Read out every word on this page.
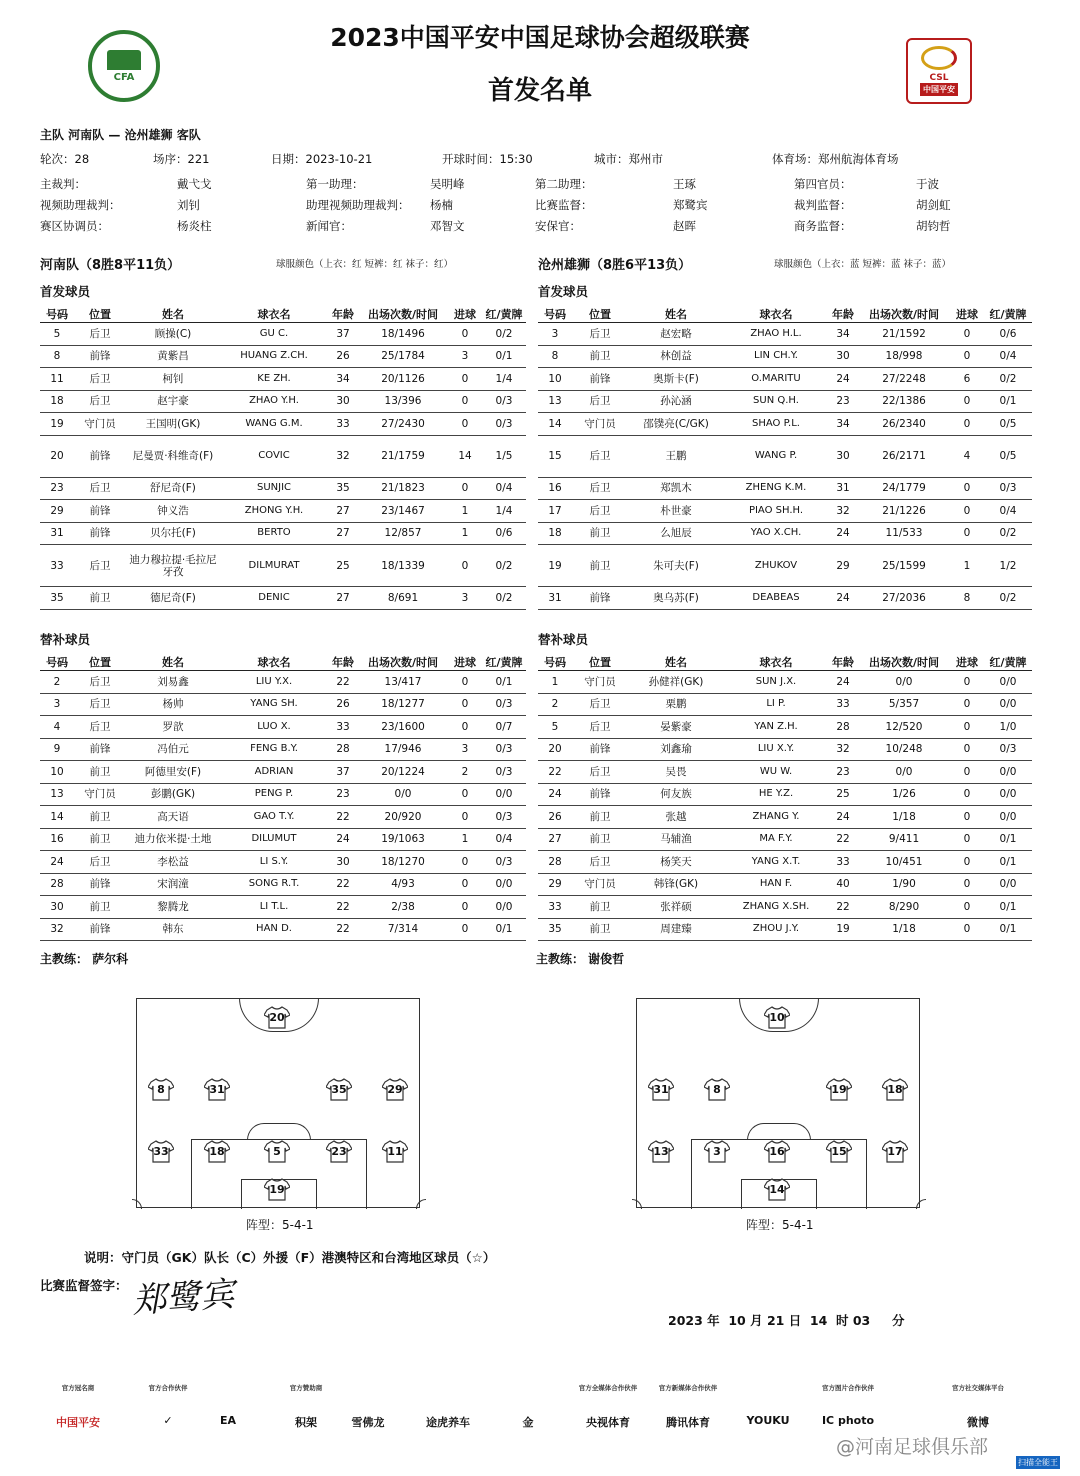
CFA
2023中国平安中国足球协会超级联赛
首发名单	CSL
中国平安
主队 河南队 — 沧州雄狮 客队
轮次：28	场序：221	日期：2023-10-21	开球时间：15:30	城市：郑州市	体育场：郑州航海体育场
主裁判：	戴弋戈	第一助理：	吴明峰	第二助理：	王琢	第四官员：	于波
视频助理裁判：	刘钊	助理视频助理裁判： 杨楠	比赛监督：	郑鹭宾	裁判监督：	胡剑虹
赛区协调员：	杨炎柱	新闻官：	邓智文	安保官：	赵晖	商务监督：	胡钧哲
河南队（8胜8平11负）	球服颜色（上衣：红 短裤：红 袜子：红）	沧州雄狮（8胜6平13负）	球服颜色（上衣：蓝 短裤：蓝 袜子：蓝）
首发球员	首发球员
号码	位置	姓名	球衣名	年龄	出场次数/时间	进球	红/黄牌
5	后卫	顾操(C)	GU C.	37	18/1496	0	0/2
8	前锋	黄紫昌	HUANG Z.CH.	26	25/1784	3	0/1
11	后卫	柯钊	KE ZH.	34	20/1126	0	1/4
18	后卫	赵宇豪	ZHAO Y.H.	30	13/396	0	0/3
19	守门员	王国明(GK)	WANG G.M.	33	27/2430	0	0/3
20	前锋	尼曼贾·科维奇(F)	COVIC	32	21/1759	14	1/5
23	后卫	舒尼奇(F)	SUNJIC	35	21/1823	0	0/4
29	前锋	钟义浩	ZHONG Y.H.	27	23/1467	1	1/4
31	前锋	贝尔托(F)	BERTO	27	12/857	1	0/6
33	后卫	迪力穆拉提·毛拉尼牙孜	DILMURAT	25	18/1339	0	0/2
35	前卫	德尼奇(F)	DENIC	27	8/691	3	0/2
号码	位置	姓名	球衣名	年龄	出场次数/时间	进球	红/黄牌
3	后卫	赵宏略	ZHAO H.L.	34	21/1592	0	0/6
8	前卫	林创益	LIN CH.Y.	30	18/998	0	0/4
10	前锋	奥斯卡(F)	O.MARITU	24	27/2248	6	0/2
13	后卫	孙沁涵	SUN Q.H.	23	22/1386	0	0/1
14	守门员	邵镤亮(C/GK)	SHAO P.L.	34	26/2340	0	0/5
15	后卫	王鹏	WANG P.	30	26/2171	4	0/5
16	后卫	郑凯木	ZHENG K.M.	31	24/1779	0	0/3
17	后卫	朴世豪	PIAO SH.H.	32	21/1226	0	0/4
18	前卫	么旭辰	YAO X.CH.	24	11/533	0	0/2
19	前卫	朱可夫(F)	ZHUKOV	29	25/1599	1	1/2
31	前锋	奥乌苏(F)	DEABEAS	24	27/2036	8	0/2
替补球员	替补球员
号码	位置	姓名	球衣名	年龄	出场次数/时间	进球	红/黄牌
2	后卫	刘易鑫	LIU Y.X.	22	13/417	0	0/1
3	后卫	杨帅	YANG SH.	26	18/1277	0	0/3
4	后卫	罗歆	LUO X.	33	23/1600	0	0/7
9	前锋	冯伯元	FENG B.Y.	28	17/946	3	0/3
10	前卫	阿德里安(F)	ADRIAN	37	20/1224	2	0/3
13	守门员	彭鹏(GK)	PENG P.	23	0/0	0	0/0
14	前卫	高天语	GAO T.Y.	22	20/920	0	0/3
16	前卫	迪力依米提·土地	DILUMUT	24	19/1063	1	0/4
24	后卫	李松益	LI S.Y.	30	18/1270	0	0/3
28	前锋	宋润潼	SONG R.T.	22	4/93	0	0/0
30	前卫	黎腾龙	LI T.L.	22	2/38	0	0/0
32	前锋	韩东	HAN D.	22	7/314	0	0/1
号码	位置	姓名	球衣名	年龄	出场次数/时间	进球	红/黄牌
1	守门员	孙健祥(GK)	SUN J.X.	24	0/0	0	0/0
2	后卫	栗鹏	LI P.	33	5/357	0	0/0
5	后卫	晏紫豪	YAN Z.H.	28	12/520	0	1/0
20	前锋	刘鑫瑜	LIU X.Y.	32	10/248	0	0/3
22	后卫	吴畏	WU W.	23	0/0	0	0/0
24	前锋	何友族	HE Y.Z.	25	1/26	0	0/0
26	前卫	张越	ZHANG Y.	24	1/18	0	0/0
27	前卫	马辅渔	MA F.Y.	22	9/411	0	0/1
28	后卫	杨笑天	YANG X.T.	33	10/451	0	0/1
29	守门员	韩锋(GK)	HAN F.	40	1/90	0	0/0
33	前卫	张祥硕	ZHANG X.SH.	22	8/290	0	0/1
35	前卫	周建臻	ZHOU J.Y.	19	1/18	0	0/1
主教练： 萨尔科	主教练： 谢俊哲
20
8	31	35	29
33	18	5	23	11
19
10
31	8	19	18
13	3	16	15	17
14
阵型：5-4-1	阵型：5-4-1
说明：守门员（GK）队长（C）外援（F）港澳特区和台湾地区球员（☆）
比赛监督签字： 郑鹭宾	2023 年  10 月 21 日  14  时 03     分
官方冠名商
中国平安
官方合作伙伴
✓	EA
官方赞助商
积架	雪佛龙	途虎养车	金
官方全媒体合作伙伴
央视体育
官方新媒体合作伙伴
腾讯体育	YOUKU
官方图片合作伙伴
IC photo
官方社交媒体平台
微博
@河南足球俱乐部
扫描全能王
